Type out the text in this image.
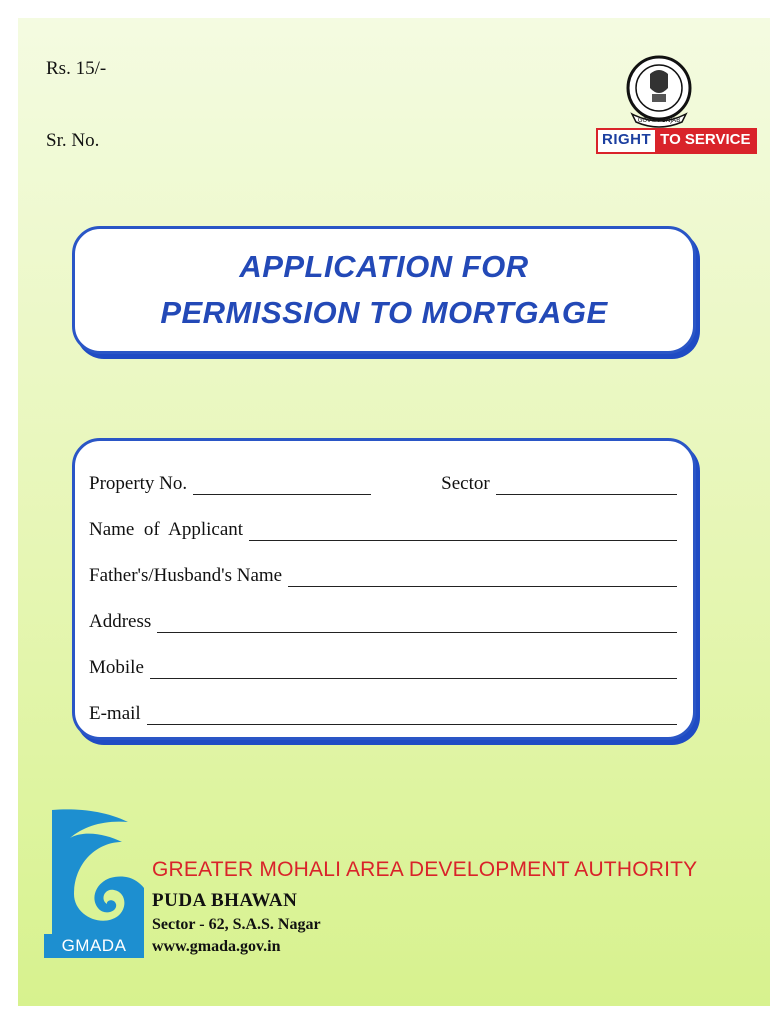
Rs. 15/-
Sr. No.
GOVT. PUNJAB
RIGHT TO SERVICE
APPLICATION FOR
PERMISSION TO MORTGAGE
Property No.	Sector
Name  of  Applicant
Father's/Husband's Name
Address
Mobile
E-mail
GMADA
GREATER MOHALI AREA DEVELOPMENT AUTHORITY
PUDA BHAWAN
Sector - 62, S.A.S. Nagar
www.gmada.gov.in
